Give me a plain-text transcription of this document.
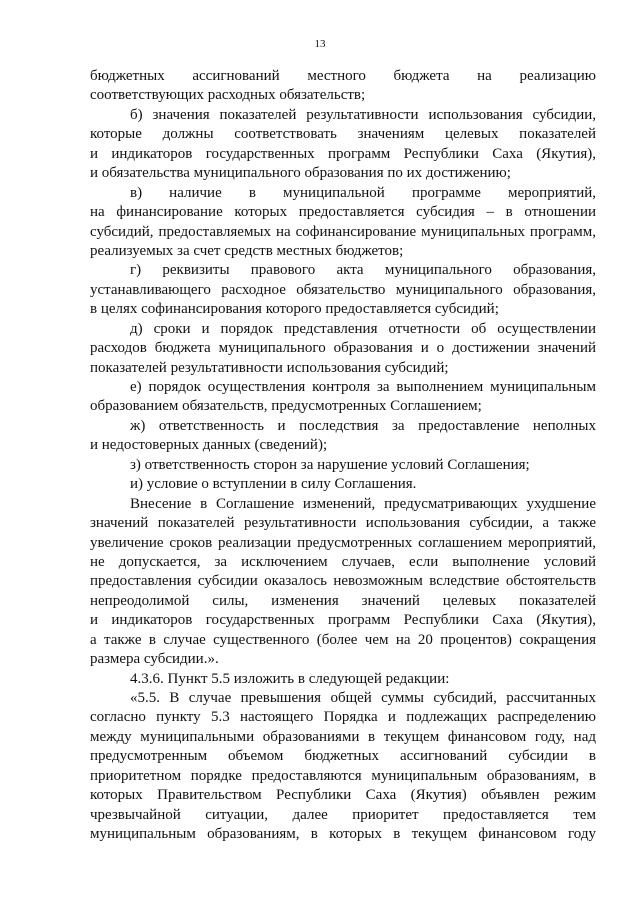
13
бюджетных ассигнований местного бюджета на реализацию
соответствующих расходных обязательств;
б) значения показателей результативности использования субсидии,
которые должны соответствовать значениям целевых показателей
и индикаторов государственных программ Республики Саха (Якутия),
и обязательства муниципального образования по их достижению;
в) наличие в муниципальной программе мероприятий,
на финансирование которых предоставляется субсидия – в отношении
субсидий, предоставляемых на софинансирование муниципальных программ,
реализуемых за счет средств местных бюджетов;
г) реквизиты правового акта муниципального образования,
устанавливающего расходное обязательство муниципального образования,
в целях софинансирования которого предоставляется субсидий;
д) сроки и порядок представления отчетности об осуществлении
расходов бюджета муниципального образования и о достижении значений
показателей результативности использования субсидий;
е) порядок осуществления контроля за выполнением муниципальным
образованием обязательств, предусмотренных Соглашением;
ж) ответственность и последствия за предоставление неполных
и недостоверных данных (сведений);
з) ответственность сторон за нарушение условий Соглашения;
и) условие о вступлении в силу Соглашения.
Внесение в Соглашение изменений, предусматривающих ухудшение
значений показателей результативности использования субсидии, а также
увеличение сроков реализации предусмотренных соглашением мероприятий,
не допускается, за исключением случаев, если выполнение условий
предоставления субсидии оказалось невозможным вследствие обстоятельств
непреодолимой силы, изменения значений целевых показателей
и индикаторов государственных программ Республики Саха (Якутия),
а также в случае существенного (более чем на 20 процентов) сокращения
размера субсидии.».
4.3.6. Пункт 5.5 изложить в следующей редакции:
«5.5. В случае превышения общей суммы субсидий, рассчитанных
согласно пункту 5.3 настоящего Порядка и подлежащих распределению
между муниципальными образованиями в текущем финансовом году, над
предусмотренным объемом бюджетных ассигнований субсидии в
приоритетном порядке предоставляются муниципальным образованиям, в
которых Правительством Республики Саха (Якутия) объявлен режим
чрезвычайной ситуации, далее приоритет предоставляется тем
муниципальным образованиям, в которых в текущем финансовом году
